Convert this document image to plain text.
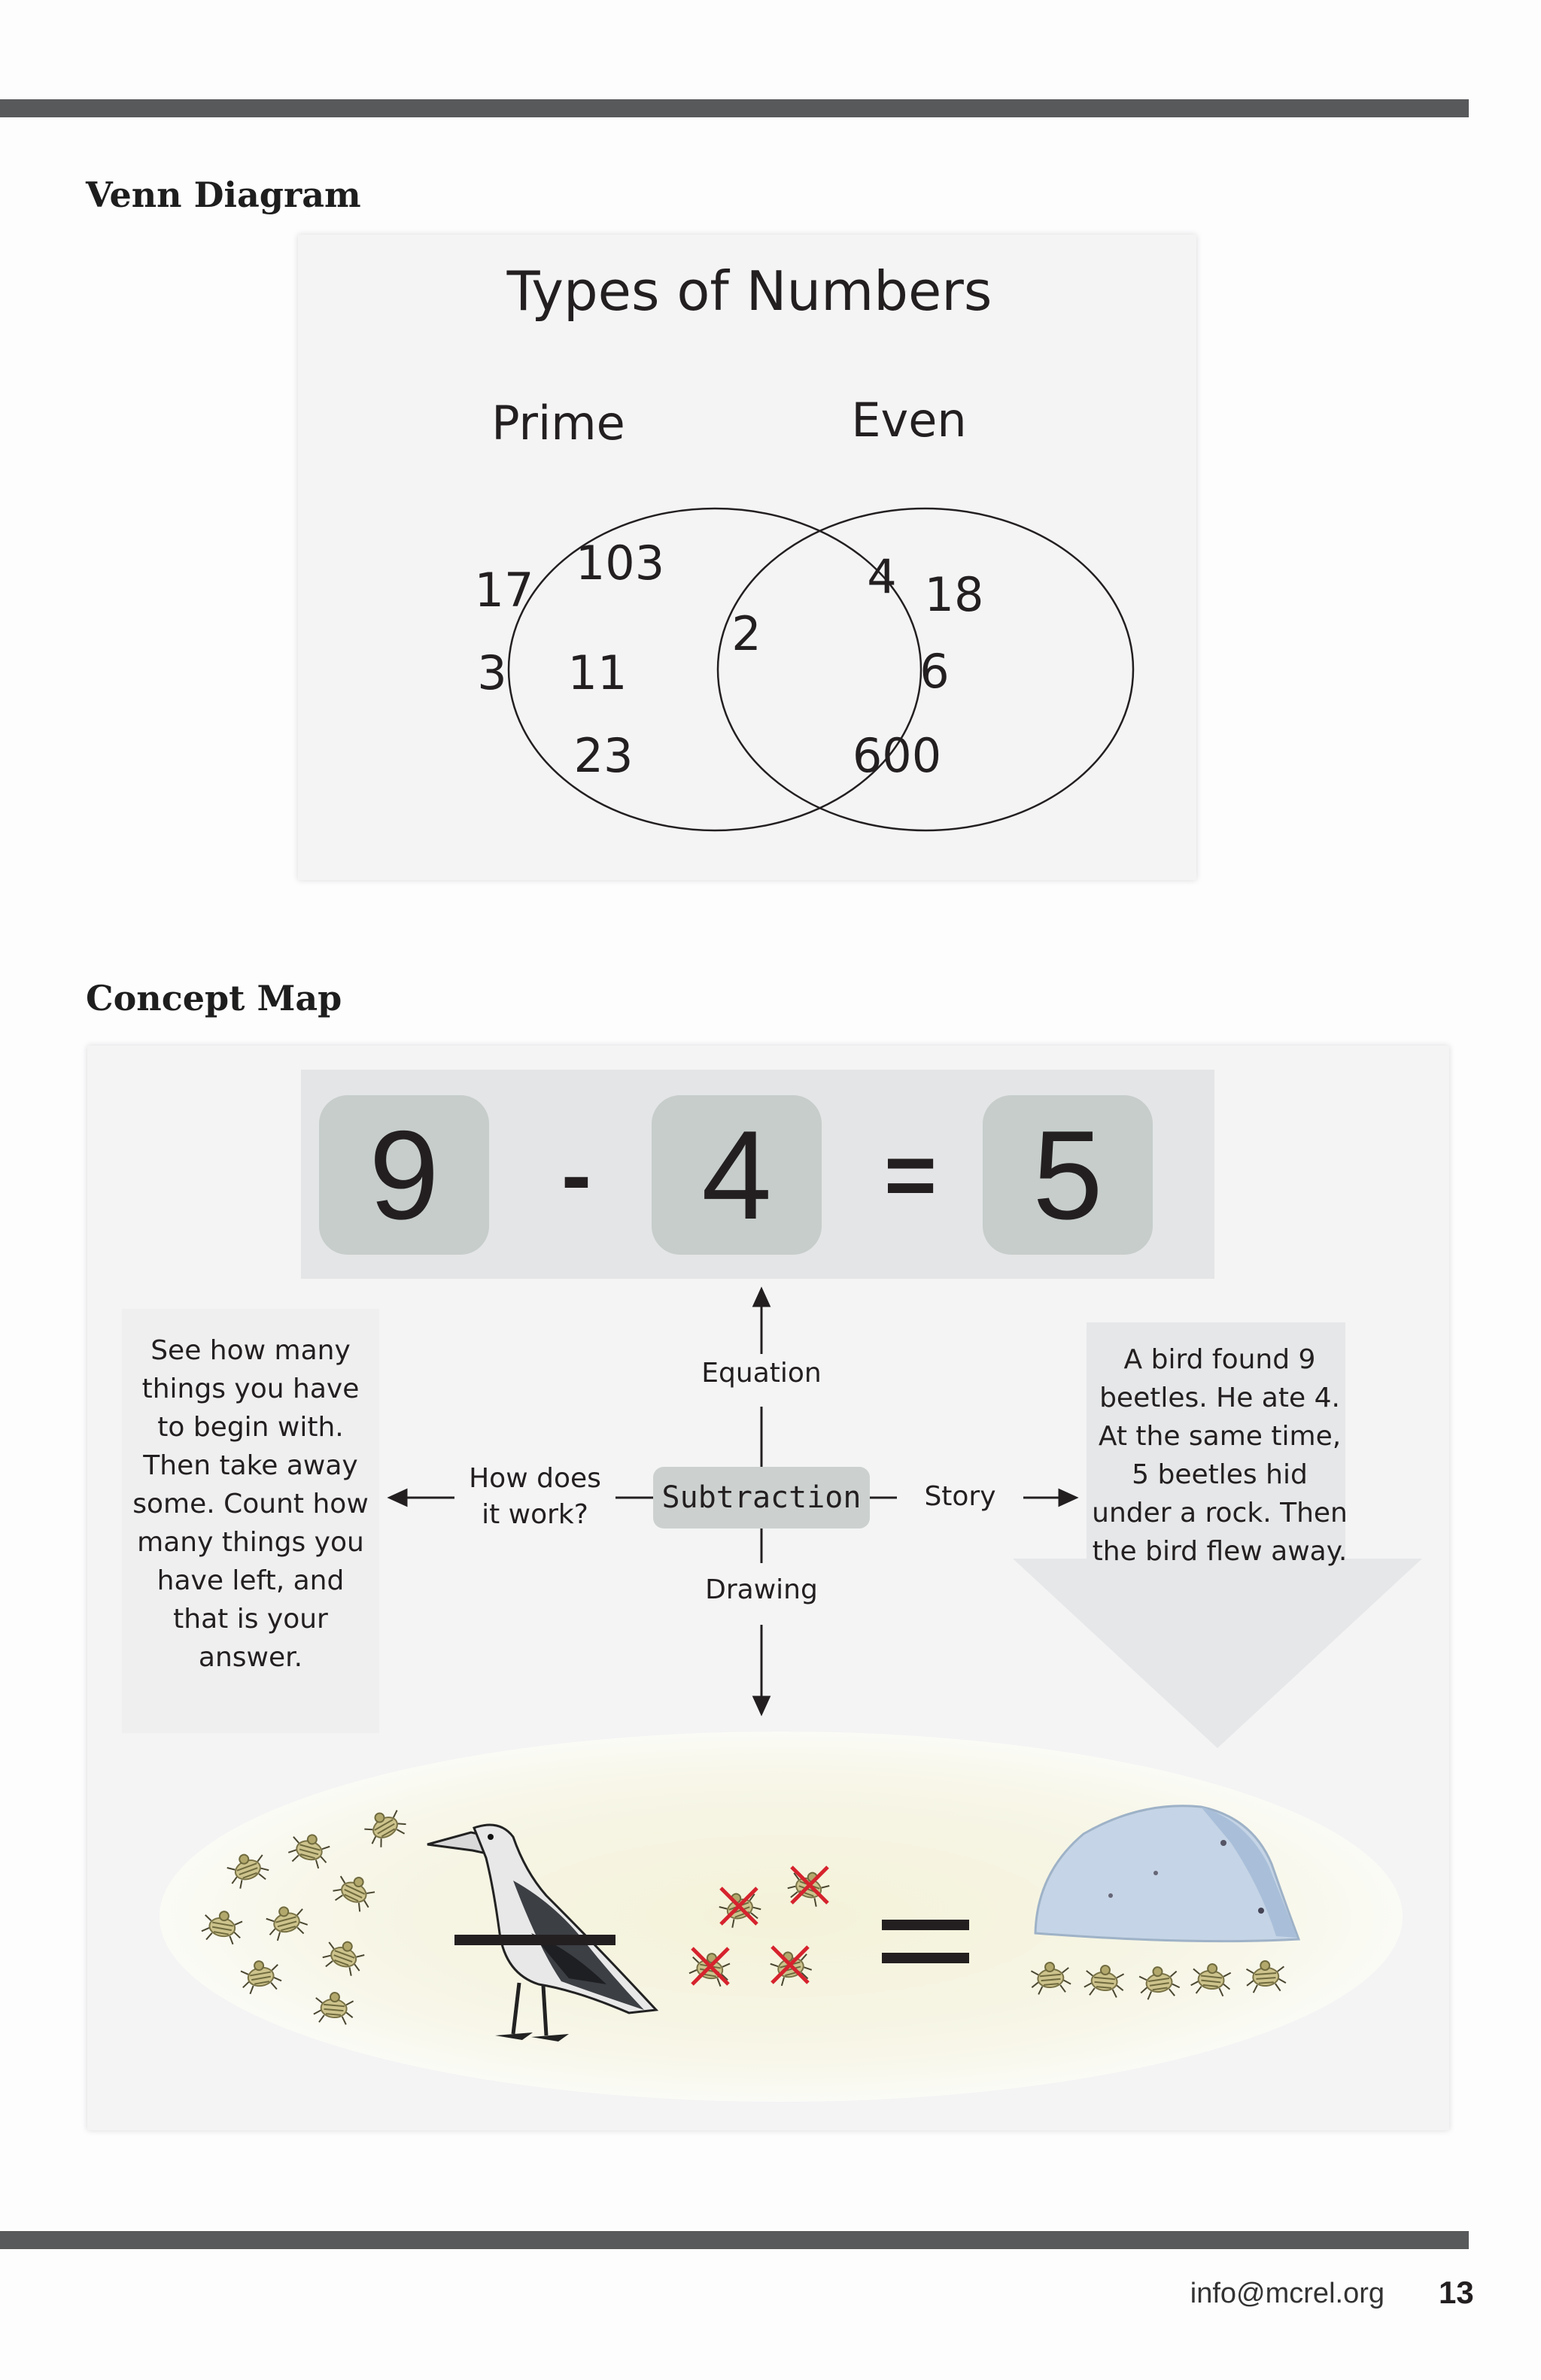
Venn Diagram
Types of Numbers
Prime	Even
17 103
3 11
23
2
4 18
6
600
Concept Map
9	- 4	= 5

See how many things you have to begin with. Then take away some. Count how many things you have left, and that is your answer.

A bird found 9 beetles. He ate 4. At the same time, 5 beetles hid under a rock. Then the bird flew away.

Equation
Drawing
How does it work?
Story
Subtraction
info@mcrel.org 13
